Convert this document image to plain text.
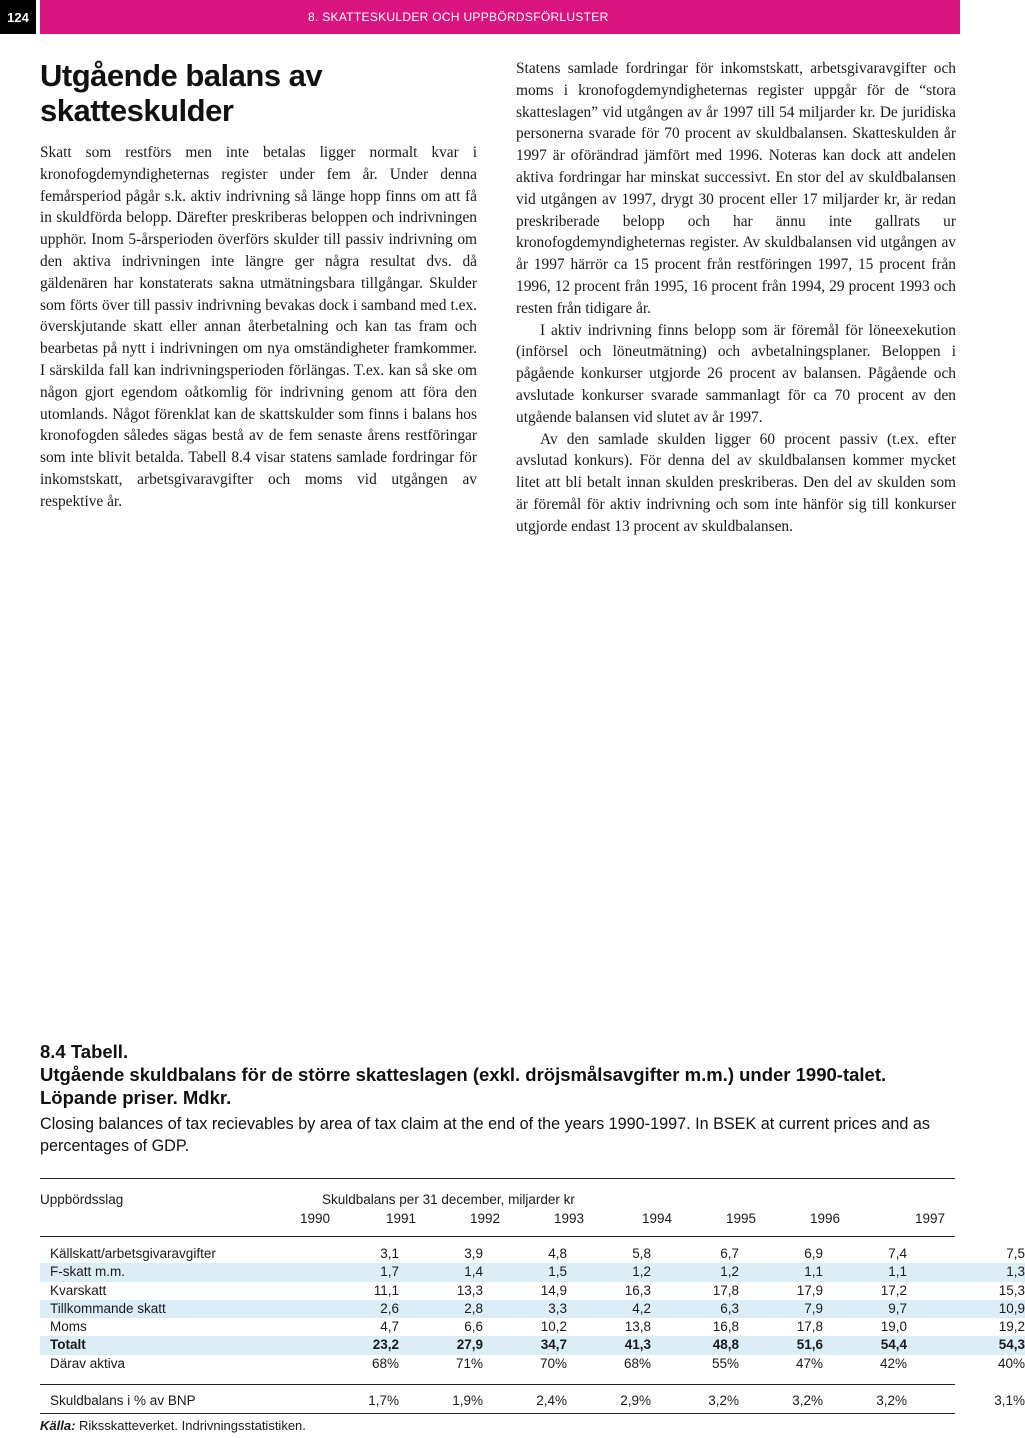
124	8. SKATTESKULDER OCH UPPBÖRDSFÖRLUSTER
Utgående balans av skatteskulder

Skatt som restförs men inte betalas ligger normalt kvar i kronofogdemyndigheternas register under fem år. Under denna femårsperiod pågår s.k. aktiv indrivning så länge hopp finns om att få in skuldförda belopp. Därefter preskriberas beloppen och indrivningen upphör. Inom 5-årsperioden överförs skulder till passiv indrivning om den aktiva indrivningen inte längre ger några resultat dvs. då gäldenären har konstaterats sakna utmätningsbara tillgångar. Skulder som förts över till passiv indrivning bevakas dock i samband med t.ex. överskjutande skatt eller annan återbetalning och kan tas fram och bearbetas på nytt i indrivningen om nya omständigheter framkommer. I särskilda fall kan indrivningsperioden förlängas. T.ex. kan så ske om någon gjort egendom oåtkomlig för indrivning genom att föra den utomlands. Något förenklat kan de skattskulder som finns i balans hos kronofogden således sägas bestå av de fem senaste årens restföringar som inte blivit betalda. Tabell 8.4 visar statens samlade fordringar för inkomstskatt, arbetsgivaravgifter och moms vid utgången av respektive år.

Statens samlade fordringar för inkomstskatt, arbetsgivaravgifter och moms i kronofogdemyndigheternas register uppgår för de “stora skatteslagen” vid utgången av år 1997 till 54 miljarder kr. De juridiska personerna svarade för 70 procent av skuldbalansen. Skatteskulden år 1997 är oförändrad jämfört med 1996. Noteras kan dock att andelen aktiva fordringar har minskat successivt. En stor del av skuldbalansen vid utgången av 1997, drygt 30 procent eller 17 miljarder kr, är redan preskriberade belopp och har ännu inte gallrats ur kronofogdemyndigheternas register. Av skuldbalansen vid utgången av år 1997 härrör ca 15 procent från restföringen 1997, 15 procent från 1996, 12 procent från 1995, 16 procent från 1994, 29 procent 1993 och resten från tidigare år.

I aktiv indrivning finns belopp som är föremål för löneexekution (införsel och löneutmätning) och avbetalningsplaner. Beloppen i pågående konkurser utgjorde 26 procent av balansen. Pågående och avslutade konkurser svarade sammanlagt för ca 70 procent av den utgående balansen vid slutet av år 1997.

Av den samlade skulden ligger 60 procent passiv (t.ex. efter avslutad konkurs). För denna del av skuldbalansen kommer mycket litet att bli betalt innan skulden preskriberas. Den del av skulden som är föremål för aktiv indrivning och som inte hänför sig till konkurser utgjorde endast 13 procent av skuldbalansen.

8.4 Tabell.
Utgående skuldbalans för de större skatteslagen (exkl. dröjsmålsavgifter m.m.) under 1990-talet. Löpande priser. Mdkr.
Closing balances of tax recievables by area of tax claim at the end of the years 1990-1997. In BSEK at current prices and as percentages of GDP.
Uppbördsslag	Skuldbalans per 31 december, miljarder kr
1990	1991	1992	1993	1994	1995	1996	1997
Källskatt/arbetsgivaravgifter	3,1	3,9	4,8	5,8	6,7	6,9	7,4	7,5
F-skatt m.m.	1,7	1,4	1,5	1,2	1,2	1,1	1,1	1,3
Kvarskatt	11,1	13,3	14,9	16,3	17,8	17,9	17,2	15,3
Tillkommande skatt	2,6	2,8	3,3	4,2	6,3	7,9	9,7	10,9
Moms	4,7	6,6	10,2	13,8	16,8	17,8	19,0	19,2
Totalt	23,2	27,9	34,7	41,3	48,8	51,6	54,4	54,3
Därav aktiva	68%	71%	70%	68%	55%	47%	42%	40%
Skuldbalans i % av BNP	1,7%	1,9%	2,4%	2,9%	3,2%	3,2%	3,2%	3,1%
Källa: Riksskatteverket. Indrivningsstatistiken.
